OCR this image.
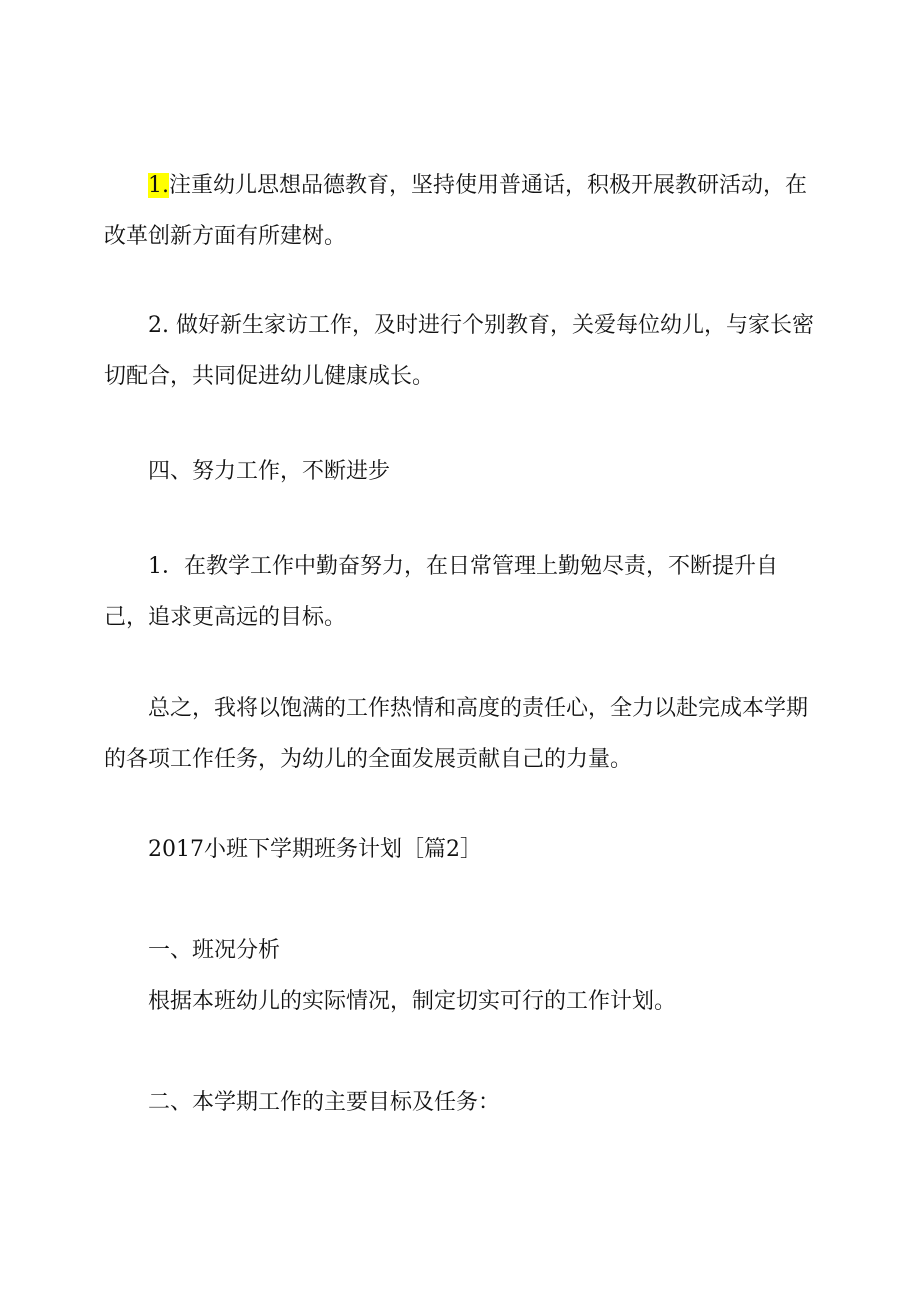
1.注重幼儿思想品德教育，坚持使用普通话，积极开展教研活动，在改革创新方面有所建树。

2. 做好新生家访工作，及时进行个别教育，关爱每位幼儿，与家长密切配合，共同促进幼儿健康成长。

四、努力工作，不断进步

1．在教学工作中勤奋努力，在日常管理上勤勉尽责，不断提升自己，追求更高远的目标。

总之，我将以饱满的工作热情和高度的责任心，全力以赴完成本学期的各项工作任务，为幼儿的全面发展贡献自己的力量。

2017小班下学期班务计划［篇2］

一、班况分析

根据本班幼儿的实际情况，制定切实可行的工作计划。

二、本学期工作的主要目标及任务：
